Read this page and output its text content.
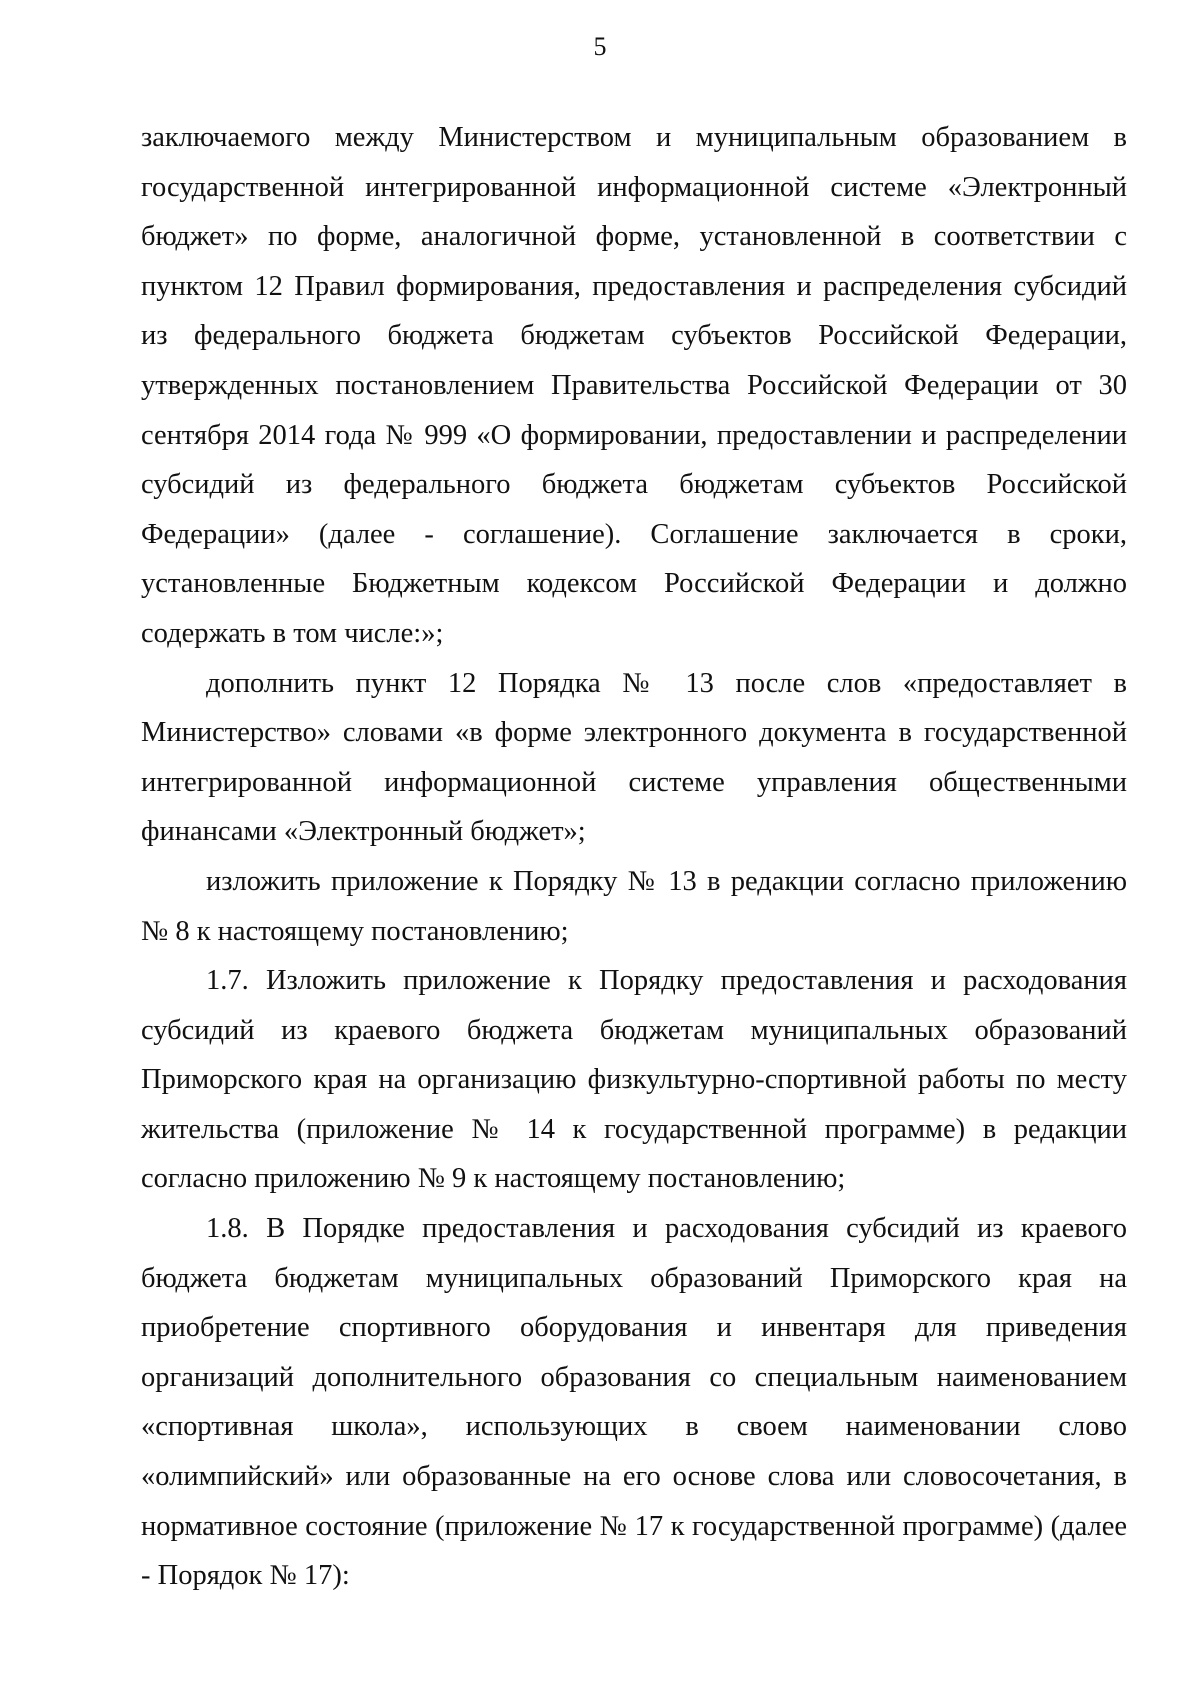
5

заключаемого между Министерством и муниципальным образованием в государственной интегрированной информационной системе «Электронный бюджет» по форме, аналогичной форме, установленной в соответствии с пунктом 12 Правил формирования, предоставления и распределения субсидий из федерального бюджета бюджетам субъектов Российской Федерации, утвержденных постановлением Правительства Российской Федерации от 30 сентября 2014 года № 999 «О формировании, предоставлении и распределении субсидий из федерального бюджета бюджетам субъектов Российской Федерации» (далее - соглашение). Соглашение заключается в сроки, установленные Бюджетным кодексом Российской Федерации и должно содержать в том числе:»;

дополнить пункт 12 Порядка № 13 после слов «предоставляет в Министерство» словами «в форме электронного документа в государственной интегрированной информационной системе управления общественными финансами «Электронный бюджет»;

изложить приложение к Порядку № 13 в редакции согласно приложению № 8 к настоящему постановлению;

1.7. Изложить приложение к Порядку предоставления и расходования субсидий из краевого бюджета бюджетам муниципальных образований Приморского края на организацию физкультурно-спортивной работы по месту жительства (приложение № 14 к государственной программе) в редакции согласно приложению № 9 к настоящему постановлению;

1.8. В Порядке предоставления и расходования субсидий из краевого бюджета бюджетам муниципальных образований Приморского края на приобретение спортивного оборудования и инвентаря для приведения организаций дополнительного образования со специальным наименованием «спортивная школа», использующих в своем наименовании слово «олимпийский» или образованные на его основе слова или словосочетания, в нормативное состояние (приложение № 17 к государственной программе) (далее - Порядок № 17):
